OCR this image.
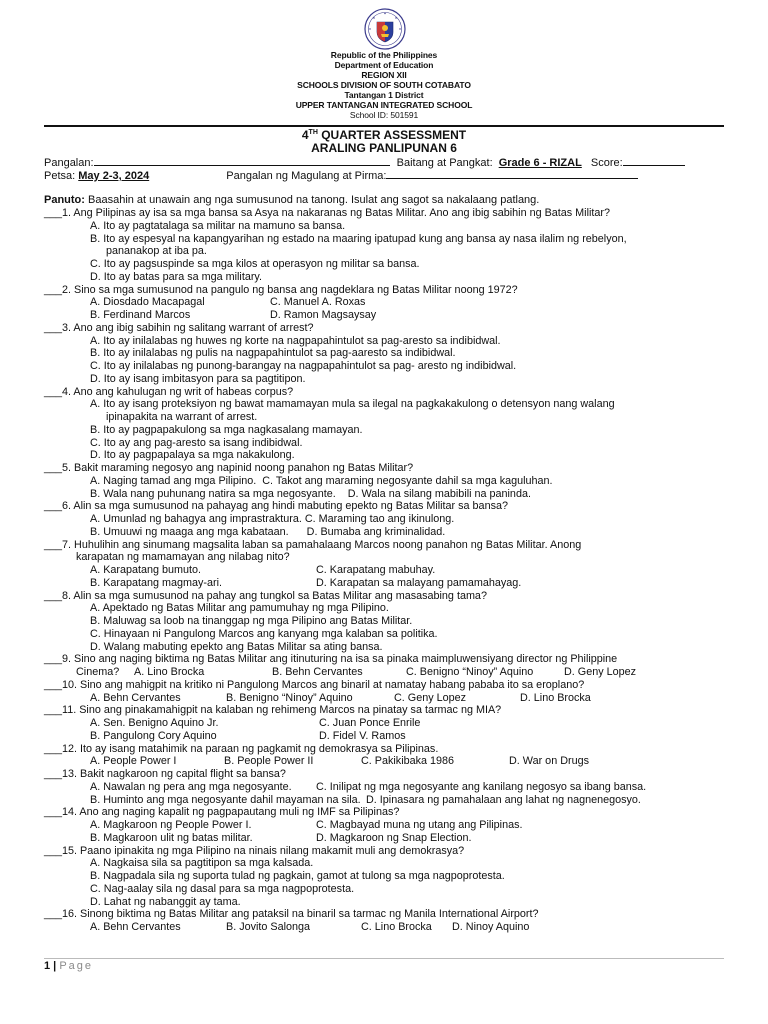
Republic of the Philippines
Department of Education
REGION XII
SCHOOLS DIVISION OF SOUTH COTABATO
Tantangan 1 District
UPPER TANTANGAN INTEGRATED SCHOOL
School ID: 501591
4TH QUARTER ASSESSMENT
ARALING PANLIPUNAN 6
Pangalan:	Baitang at Pangkat: Grade 6 - RIZAL Score:
Petsa: May 2-3, 2024	Pangalan ng Magulang at Pirma:
Panuto: Baasahin at unawain ang nga sumusunod na tanong. Isulat ang sagot sa nakalaang patlang.
___1. Ang Pilipinas ay isa sa mga bansa sa Asya na nakaranas ng Batas Militar. Ano ang ibig sabihin ng Batas Militar?
A. Ito ay pagtatalaga sa militar na mamuno sa bansa.
B. Ito ay espesyal na kapangyarihan ng estado na maaring ipatupad kung ang bansa ay nasa ilalim ng rebelyon,
pananakop at iba pa.
C. Ito ay pagsuspinde sa mga kilos at operasyon ng militar sa bansa.
D. Ito ay batas para sa mga military.
___2. Sino sa mga sumusunod na pangulo ng bansa ang nagdeklara ng Batas Militar noong 1972?
A. Diosdado Macapagal	C. Manuel A. Roxas
B. Ferdinand Marcos	D. Ramon Magsaysay
___3. Ano ang ibig sabihin ng salitang warrant of arrest?
A. Ito ay inilalabas ng huwes ng korte na nagpapahintulot sa pag-aresto sa indibidwal.
B. Ito ay inilalabas ng pulis na nagpapahintulot sa pag-aaresto sa indibidwal.
C. Ito ay inilalabas ng punong-barangay na nagpapahintulot sa pag- aresto ng indibidwal.
D. Ito ay isang imbitasyon para sa pagtitipon.
___4. Ano ang kahulugan ng writ of habeas corpus?
A. Ito ay isang proteksiyon ng bawat mamamayan mula sa ilegal na pagkakakulong o detensyon nang walang
ipinapakita na warrant of arrest.
B. Ito ay pagpapakulong sa mga nagkasalang mamayan.
C. Ito ay ang pag-aresto sa isang indibidwal.
D. Ito ay pagpapalaya sa mga nakakulong.
___5. Bakit maraming negosyo ang napinid noong panahon ng Batas Militar?
A. Naging tamad ang mga Pilipino.  C. Takot ang maraming negosyante dahil sa mga kaguluhan.
B. Wala nang puhunang natira sa mga negosyante.    D. Wala na silang mabibili na paninda.
___6. Alin sa mga sumusunod na pahayag ang hindi mabuting epekto ng Batas Militar sa bansa?
A. Umunlad ng bahagya ang imprastraktura. C. Maraming tao ang ikinulong.
B. Umuuwi ng maaga ang mga kabataan.      D. Bumaba ang kriminalidad.
___7. Huhulihin ang sinumang magsalita laban sa pamahalaang Marcos noong panahon ng Batas Militar. Anong
karapatan ng mamamayan ang nilabag nito?
A. Karapatang bumuto.	C. Karapatang mabuhay.
B. Karapatang magmay-ari.	D. Karapatan sa malayang pamamahayag.
___8. Alin sa mga sumusunod na pahay ang tungkol sa Batas Militar ang masasabing tama?
A. Apektado ng Batas Militar ang pamumuhay ng mga Pilipino.
B. Maluwag sa loob na tinanggap ng mga Pilipino ang Batas Militar.
C. Hinayaan ni Pangulong Marcos ang kanyang mga kalaban sa politika.
D. Walang mabuting epekto ang Batas Militar sa ating bansa.
___9. Sino ang naging biktima ng Batas Militar ang itinuturing na isa sa pinaka maimpluwensiyang director ng Philippine
Cinema? A. Lino Brocka	B. Behn Cervantes	C. Benigno “Ninoy” Aquino	D. Geny Lopez
___10. Sino ang mahigpit na kritiko ni Pangulong Marcos ang binaril at namatay habang pababa ito sa eroplano?
A. Behn Cervantes	B. Benigno “Ninoy” Aquino	C. Geny Lopez	D. Lino Brocka
___11. Sino ang pinakamahigpit na kalaban ng rehimeng Marcos na pinatay sa tarmac ng MIA?
A. Sen. Benigno Aquino Jr.	C. Juan Ponce Enrile
B. Pangulong Cory Aquino	D. Fidel V. Ramos
___12. Ito ay isang matahimik na paraan ng pagkamit ng demokrasya sa Pilipinas.
A. People Power I	B. People Power II	C. Pakikibaka 1986	D. War on Drugs
___13. Bakit nagkaroon ng capital flight sa bansa?
A. Nawalan ng pera ang mga negosyante. C. Inilipat ng mga negosyante ang kanilang negosyo sa ibang bansa.
B. Huminto ang mga negosyante dahil mayaman na sila. D. Ipinasara ng pamahalaan ang lahat ng nagnenegosyo.
___14. Ano ang naging kapalit ng pagpapautang muli ng IMF sa Pilipinas?
A. Magkaroon ng People Power I.	C. Magbayad muna ng utang ang Pilipinas.
B. Magkaroon ulit ng batas militar.	D. Magkaroon ng Snap Election.
___15. Paano ipinakita ng mga Pilipino na ninais nilang makamit muli ang demokrasya?
A. Nagkaisa sila sa pagtitipon sa mga kalsada.
B. Nagpadala sila ng suporta tulad ng pagkain, gamot at tulong sa mga nagpoprotesta.
C. Nag-aalay sila ng dasal para sa mga nagpoprotesta.
D. Lahat ng nabanggit ay tama.
___16. Sinong biktima ng Batas Militar ang pataksil na binaril sa tarmac ng Manila International Airport?
A. Behn Cervantes	B. Jovito Salonga	C. Lino Brocka D. Ninoy Aquino
1 | Page
